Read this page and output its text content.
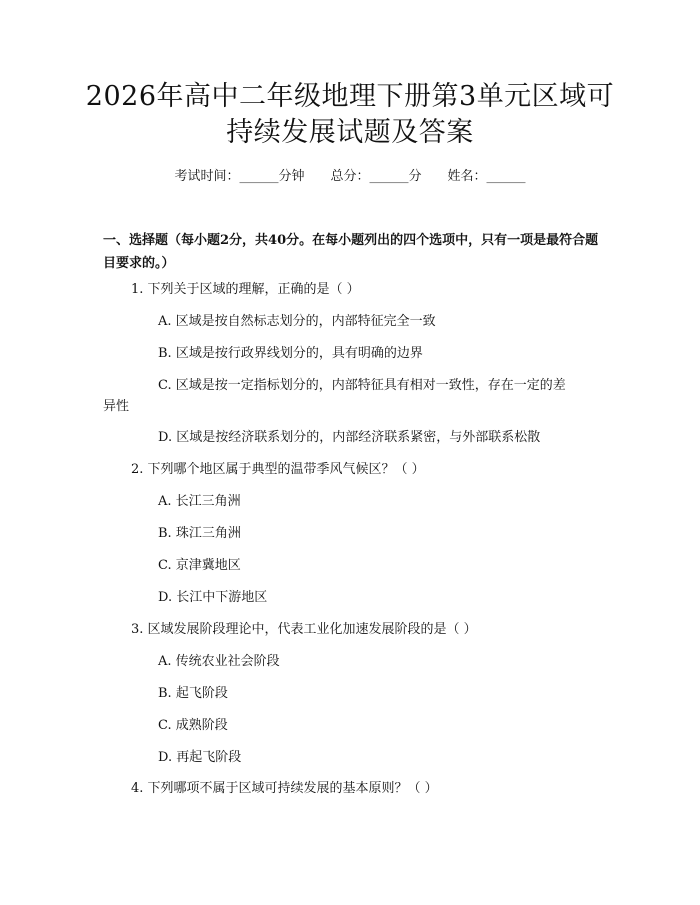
2026年高中二年级地理下册第3单元区域可
持续发展试题及答案
考试时间：______分钟 总分：______分 姓名：______
一、选择题（每小题2分，共40分。在每小题列出的四个选项中，只有一项是最符合题目要求的。）
1. 下列关于区域的理解，正确的是（ ）
A. 区域是按自然标志划分的，内部特征完全一致
B. 区域是按行政界线划分的，具有明确的边界
C. 区域是按一定指标划分的，内部特征具有相对一致性，存在一定的差
异性
D. 区域是按经济联系划分的，内部经济联系紧密，与外部联系松散
2. 下列哪个地区属于典型的温带季风气候区？（ ）
A. 长江三角洲
B. 珠江三角洲
C. 京津冀地区
D. 长江中下游地区
3. 区域发展阶段理论中，代表工业化加速发展阶段的是（ ）
A. 传统农业社会阶段
B. 起飞阶段
C. 成熟阶段
D. 再起飞阶段
4. 下列哪项不属于区域可持续发展的基本原则？（ ）
